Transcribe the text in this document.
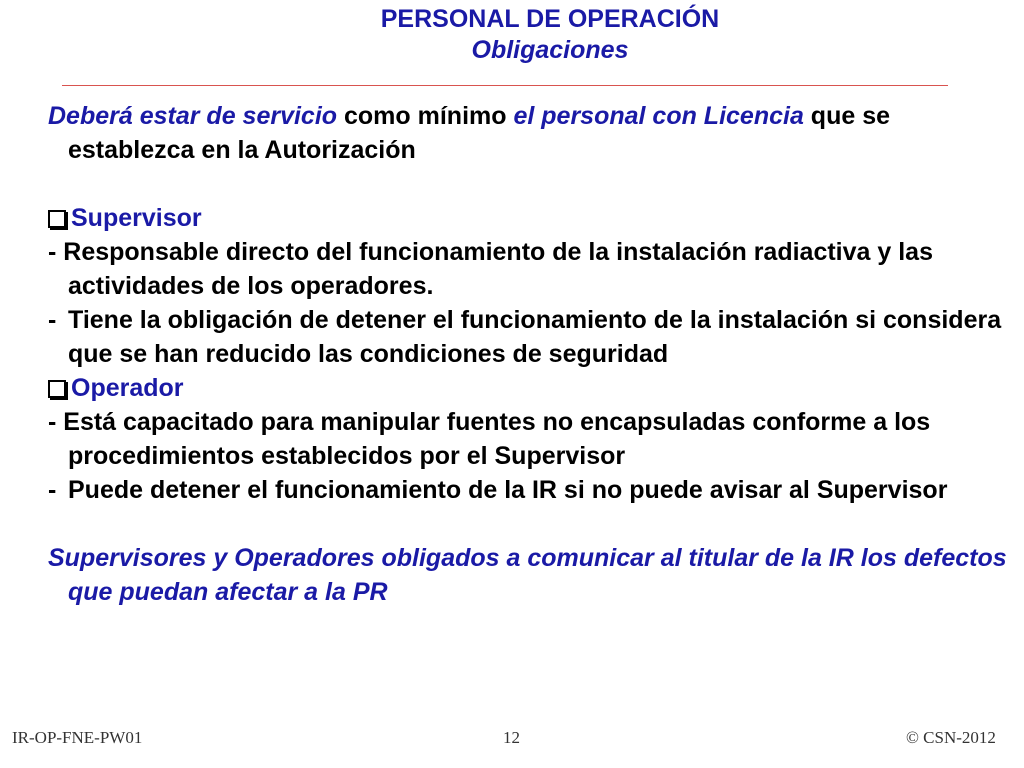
PERSONAL DE OPERACIÓN
Obligaciones

Deberá estar de servicio como mínimo el personal con Licencia que se establezca en la Autorización

Supervisor

- Responsable directo del funcionamiento de la instalación radiactiva y las actividades de los operadores.

- Tiene la obligación de detener el funcionamiento de la instalación si considera que se han reducido las condiciones de seguridad

Operador

- Está capacitado para manipular fuentes no encapsuladas conforme a los procedimientos establecidos por el Supervisor

- Puede detener el funcionamiento de la IR si no puede avisar al Supervisor

Supervisores y Operadores obligados a comunicar al titular de la IR los defectos que puedan afectar a la PR

IR-OP-FNE-PW01	12	© CSN-2012
